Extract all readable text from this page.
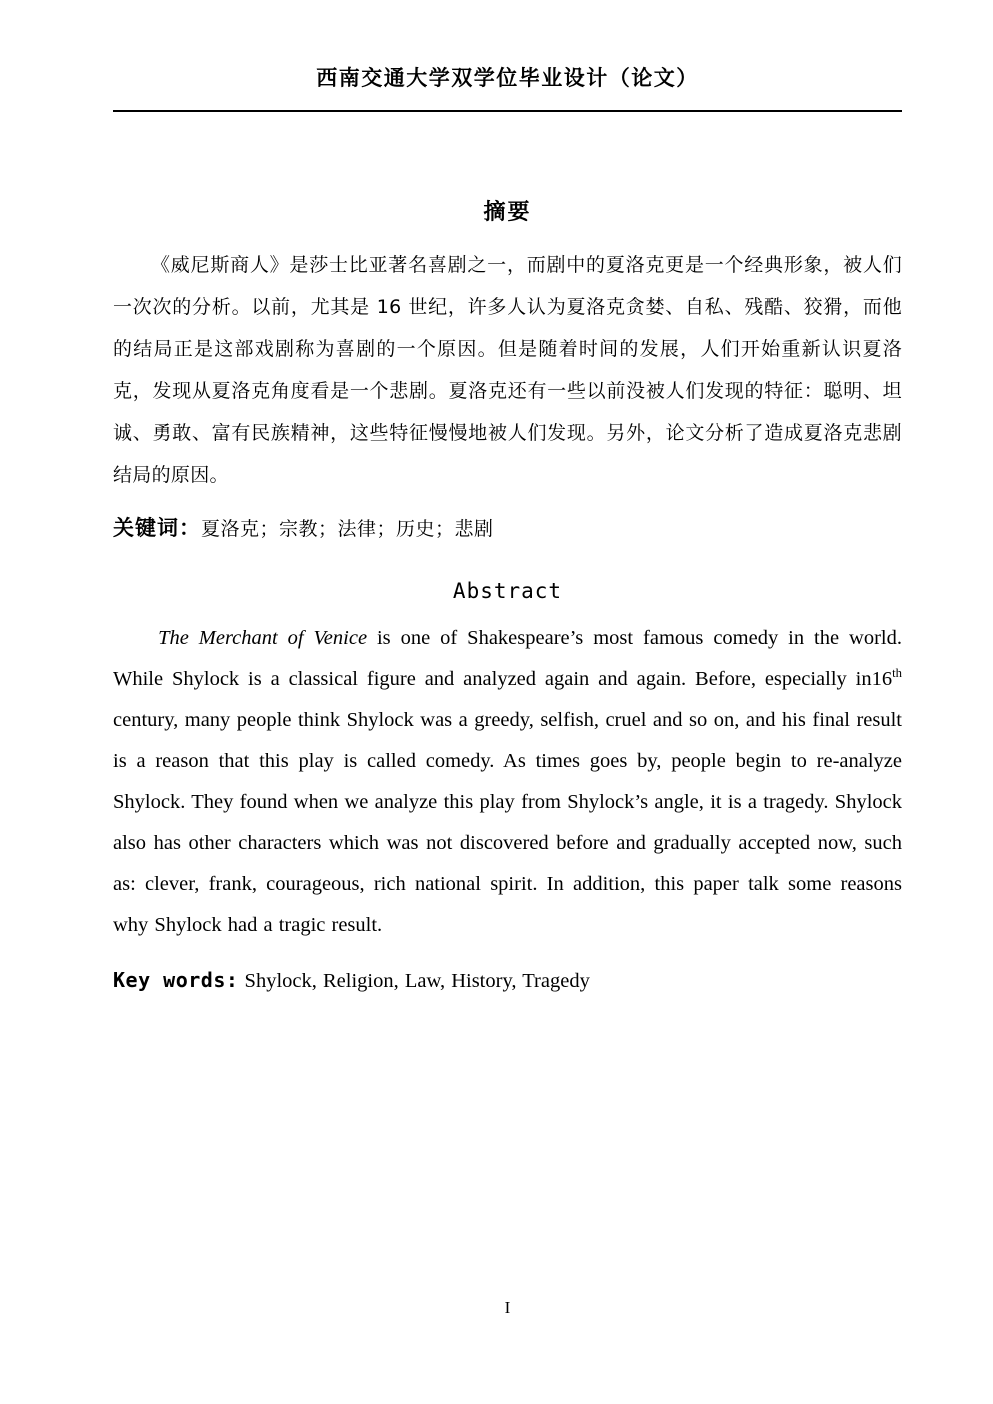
西南交通大学双学位毕业设计（论文）
摘要

《威尼斯商人》是莎士比亚著名喜剧之一，而剧中的夏洛克更是一个经典形象，被人们一次次的分析。以前，尤其是 16 世纪，许多人认为夏洛克贪婪、自私、残酷、狡猾，而他的结局正是这部戏剧称为喜剧的一个原因。但是随着时间的发展，人们开始重新认识夏洛克，发现从夏洛克角度看是一个悲剧。夏洛克还有一些以前没被人们发现的特征：聪明、坦诚、勇敢、富有民族精神，这些特征慢慢地被人们发现。另外，论文分析了造成夏洛克悲剧结局的原因。

关键词：夏洛克；宗教；法律；历史；悲剧

Abstract

The Merchant of Venice is one of Shakespeare’s most famous comedy in the world. While Shylock is a classical figure and analyzed again and again. Before, especially in16th century, many people think Shylock was a greedy, selfish, cruel and so on, and his final result is a reason that this play is called comedy. As times goes by, people begin to re-analyze Shylock. They found when we analyze this play from Shylock’s angle, it is a tragedy. Shylock also has other characters which was not discovered before and gradually accepted now, such as: clever, frank, courageous, rich national spirit. In addition, this paper talk some reasons why Shylock had a tragic result.

Key words: Shylock, Religion, Law, History, Tragedy

I
